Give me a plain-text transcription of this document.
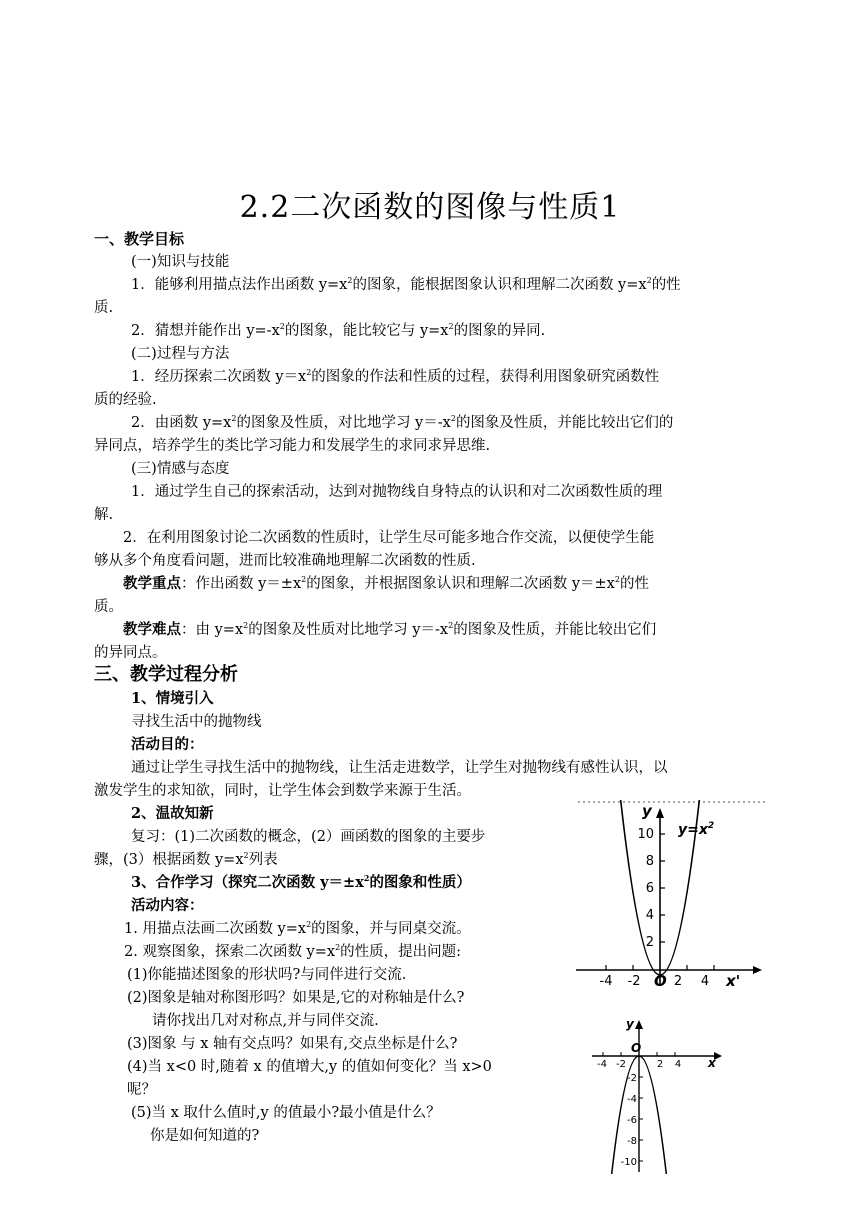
2.2二次函数的图像与性质1
一、教学目标
(一)知识与技能
1．能够利用描点法作出函数 $y=x^2$的图象，能根据图象认识和理解二次函数 $y=x^2$的性
质.
2．猜想并能作出 $y=-x^2$的图象，能比较它与 $y=x^2$的图象的异同.
(二)过程与方法
1．经历探索二次函数 $y=x^2$的图象的作法和性质的过程，获得利用图象研究函数性
质的经验.
2．由函数 $y=x^2$的图象及性质，对比地学习 $y=-x^2$的图象及性质，并能比较出它们的
异同点，培养学生的类比学习能力和发展学生的求同求异思维.
(三)情感与态度
1．通过学生自己的探索活动，达到对抛物线自身特点的认识和对二次函数性质的理
解.
2．在利用图象讨论二次函数的性质时，让学生尽可能多地合作交流，以便使学生能
够从多个角度看问题，进而比较准确地理解二次函数的性质.
教学重点：作出函数 $y=\pm x^2$的图象，并根据图象认识和理解二次函数 $y=\pm x^2$的性
质。
教学难点：由 $y=x^2$的图象及性质对比地学习 $y=-x^2$的图象及性质，并能比较出它们
的异同点。
三、教学过程分析
1、情境引入
寻找生活中的抛物线
活动目的：
通过让学生寻找生活中的抛物线，让生活走进数学，让学生对抛物线有感性认识，以
激发学生的求知欲，同时，让学生体会到数学来源于生活。
2、温故知新
复习：(1)二次函数的概念，(2）画函数的图象的主要步
骤，(3）根据函数 $y=x^2$列表
3、合作学习（探究二次函数 $y=\pm x^2$的图象和性质）
活动内容：
1. 用描点法画二次函数 $y=x^2$的图象，并与同桌交流。
2. 观察图象，探索二次函数 $y=x^2$的性质，提出问题:
(1)你能描述图象的形状吗?与同伴进行交流.
(2)图象是轴对称图形吗？如果是,它的对称轴是什么?
请你找出几对对称点,并与同伴交流.
(3)图象 与 x 轴有交点吗？如果有,交点坐标是什么?
(4)当 x<0 时,随着 x 的值增大,y 的值如何变化？当 x>0
呢？
(5)当 x 取什么值时,y 的值最小?最小值是什么？
你是如何知道的?
y
$y=x^2$
10
8
6
4
2
-4 -2 O 2 4 x'
y
O
-4 -2	2 4 x
-2
-4
-6
-8
-10
